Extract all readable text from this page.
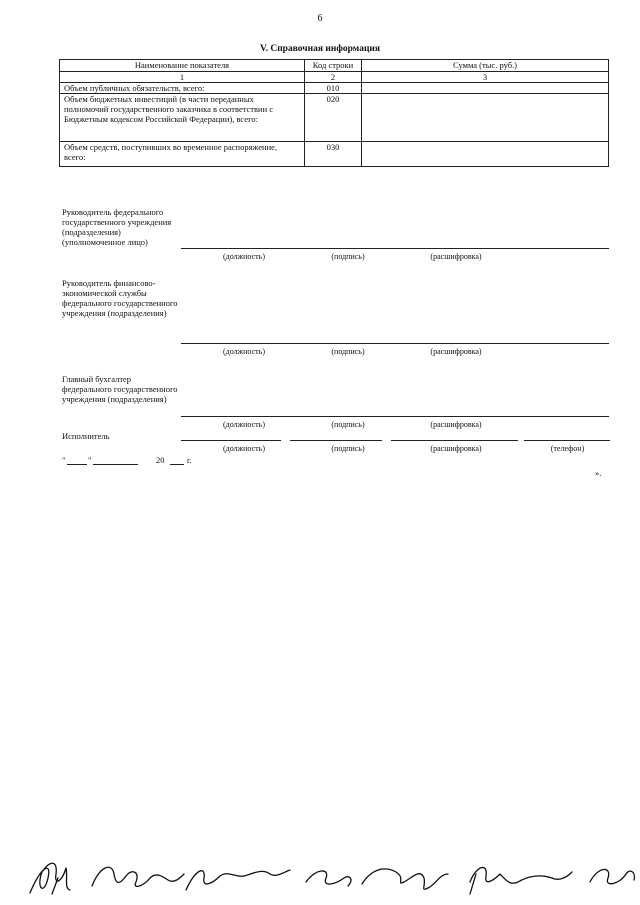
6
V. Справочная информация
Наименование показателя	Код строки	Сумма (тыс. руб.)
1	2	3
Объем публичных обязательств, всего:	010	
Объем бюджетных инвестиций (в части переданных полномочий государственного заказчика в соответствии с Бюджетным кодексом Российской Федерации), всего:	020	
Объем средств, поступивших во временное распоряжение, всего:	030	
Руководитель федерального государственного учреждения (подразделения) (уполномоченное лицо)
(должность)	(подпись)	(расшифровка)
Руководитель финансово-экономической службы федерального государственного учреждения (подразделения)
(должность)	(подпись)	(расшифровка)
Главный бухгалтер федерального государственного учреждения (подразделения)
(должность)	(подпись)	(расшифровка)
Исполнитель
(должность)	(подпись)	(расшифровка)	(телефон)
"	"	20	г.
».
